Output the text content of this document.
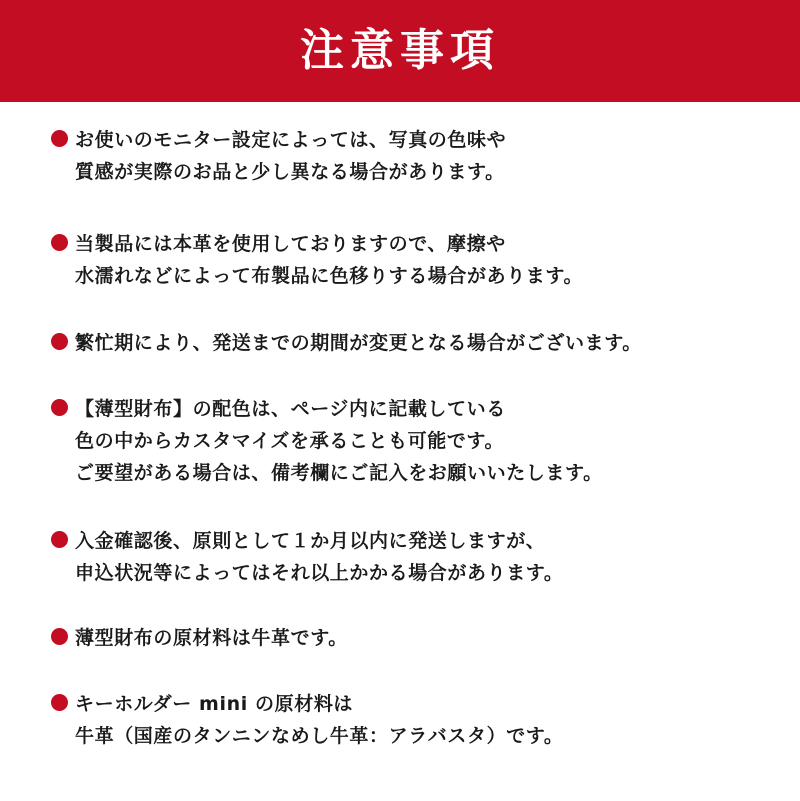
注意事項
お使いのモニター設定によっては、写真の色味や
質感が実際のお品と少し異なる場合があります。
当製品には本革を使用しておりますので、摩擦や
水濡れなどによって布製品に色移りする場合があります。
繁忙期により、発送までの期間が変更となる場合がございます。
【薄型財布】の配色は、ページ内に記載している
色の中からカスタマイズを承ることも可能です。
ご要望がある場合は、備考欄にご記入をお願いいたします。
入金確認後、原則として１か月以内に発送しますが、
申込状況等によってはそれ以上かかる場合があります。
薄型財布の原材料は牛革です。
キーホルダー mini の原材料は
牛革（国産のタンニンなめし牛革：アラバスタ）です。
